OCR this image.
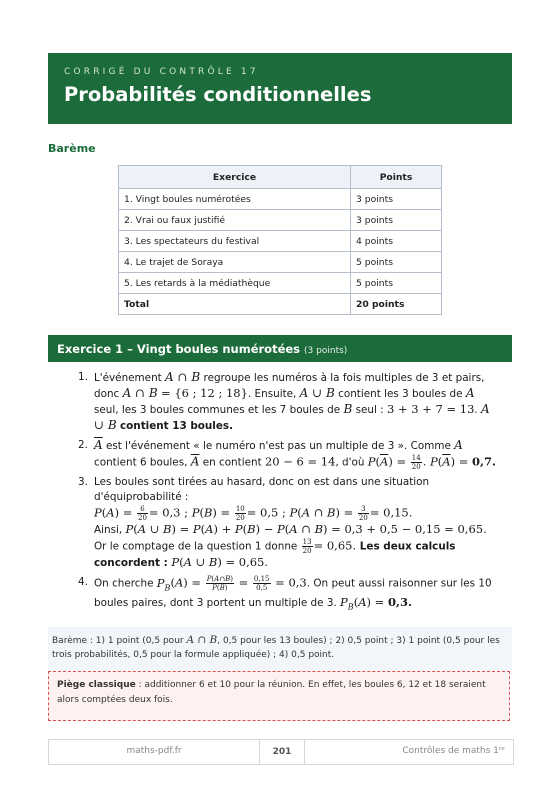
CORRIGÉ DU CONTRÔLE 17
Probabilités conditionnelles
Barème
Exercice	Points
1. Vingt boules numérotées	3 points
2. Vrai ou faux justifié	3 points
3. Les spectateurs du festival	4 points
4. Le trajet de Soraya	5 points
5. Les retards à la médiathèque	5 points
Total	20 points
Exercice 1 – Vingt boules numérotées (3 points)
1. L'événement A ∩ B regroupe les numéros à la fois multiples de 3 et pairs, donc A ∩ B = {6 ; 12 ; 18}. Ensuite, A ∪ B contient les 3 boules de A seul, les 3 boules communes et les 7 boules de B seul : 3 + 3 + 7 = 13. A ∪ B contient 13 boules.
2. $\overline{A}$ est l'événement « le numéro n'est pas un multiple de 3 ». Comme A contient 6 boules, $\overline{A}$ en contient 20 − 6 = 14, d'où $P(\overline{A}) = \frac{14}{20}$ . $P(\overline{A}) = 0,7$.
3. Les boules sont tirées au hasard, donc on est dans une situation d'équiprobabilité :
$P(A) = \frac{6}{20} = 0,3$ ; $P(B) = \frac{10}{20} = 0,5$ ; P(A ∩ $B) = \frac{3}{20} = 0,15$.
Ainsi, P(A ∪ B) = P(A) + P(B) − P(A ∩ B) = 0,3 + 0,5 − 0,15 = 0,65.
Or le comptage de la question 1 donne $\frac{13}{20} = 0,65$. Les deux calculs concordent : P(A ∪ B) = 0,65.
4. On cherche $P_B(A) = \frac{P(A\cap B)}{P(B)} = \frac{0,15}{0,5} = 0,3$. On peut aussi raisonner sur les 10 boules paires, dont 3 portent un multiple de 3. $P_B(A) = 0,3$.
Barème : 1) 1 point (0,5 pour A ∩ B, 0,5 pour les 13 boules) ; 2) 0,5 point ; 3) 1 point (0,5 pour les trois probabilités, 0,5 pour la formule appliquée) ; 4) 0,5 point.
Piège classique : additionner 6 et 10 pour la réunion. En effet, les boules 6, 12 et 18 seraient alors comptées deux fois.
maths-pdf.fr	201	Contrôles de maths 1ʳᵉ
